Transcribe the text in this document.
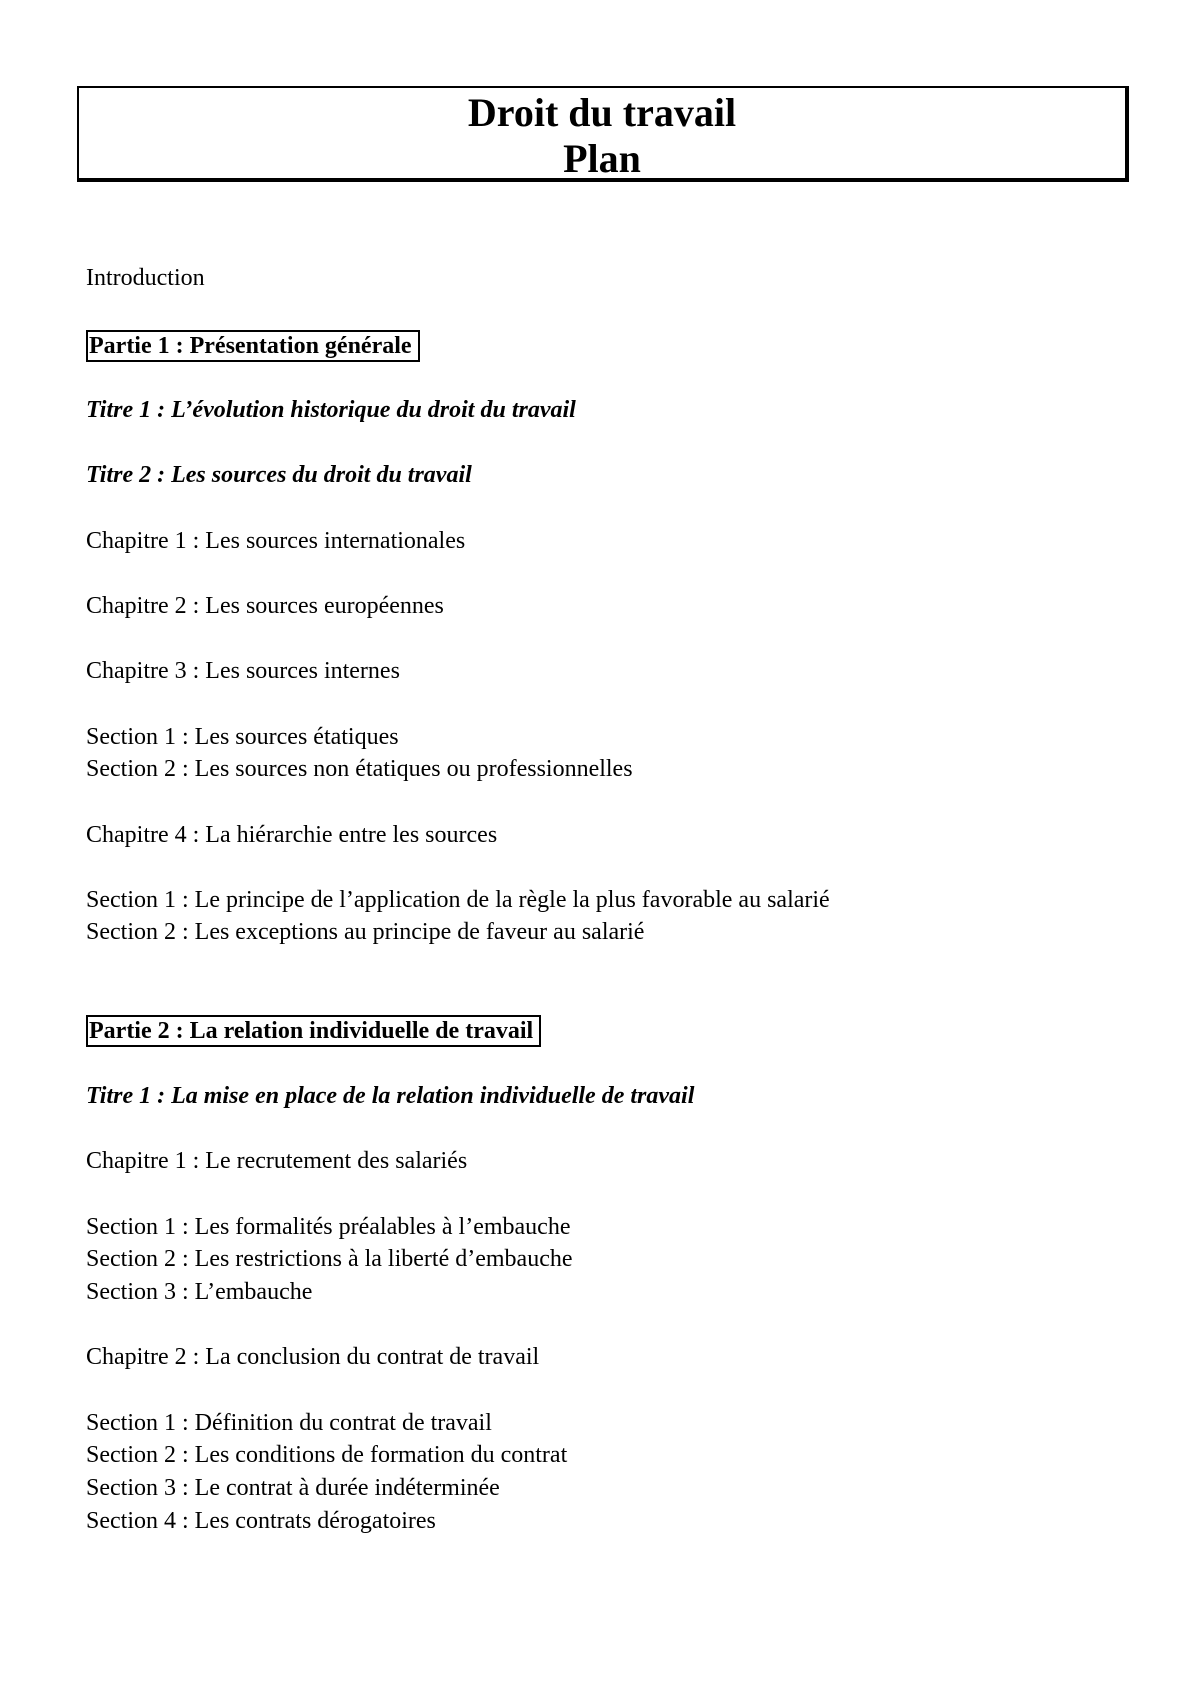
Droit du travail
Plan
Introduction
Partie 1 : Présentation générale
Titre 1 : L’évolution historique du droit du travail
Titre 2 : Les sources du droit du travail
Chapitre 1 : Les sources internationales
Chapitre 2 : Les sources européennes
Chapitre 3 : Les sources internes
Section 1 : Les sources étatiques
Section 2 : Les sources non étatiques ou professionnelles
Chapitre 4 : La hiérarchie entre les sources
Section 1 : Le principe de l’application de la règle la plus favorable au salarié
Section 2 : Les exceptions au principe de faveur au salarié
Partie 2 : La relation individuelle de travail
Titre 1 : La mise en place de la relation individuelle de travail
Chapitre 1 : Le recrutement des salariés
Section 1 : Les formalités préalables à l’embauche
Section 2 : Les restrictions à la liberté d’embauche
Section 3 : L’embauche
Chapitre 2 : La conclusion du contrat de travail
Section 1 : Définition du contrat de travail
Section 2 : Les conditions de formation du contrat
Section 3 : Le contrat à durée indéterminée
Section 4 : Les contrats dérogatoires
